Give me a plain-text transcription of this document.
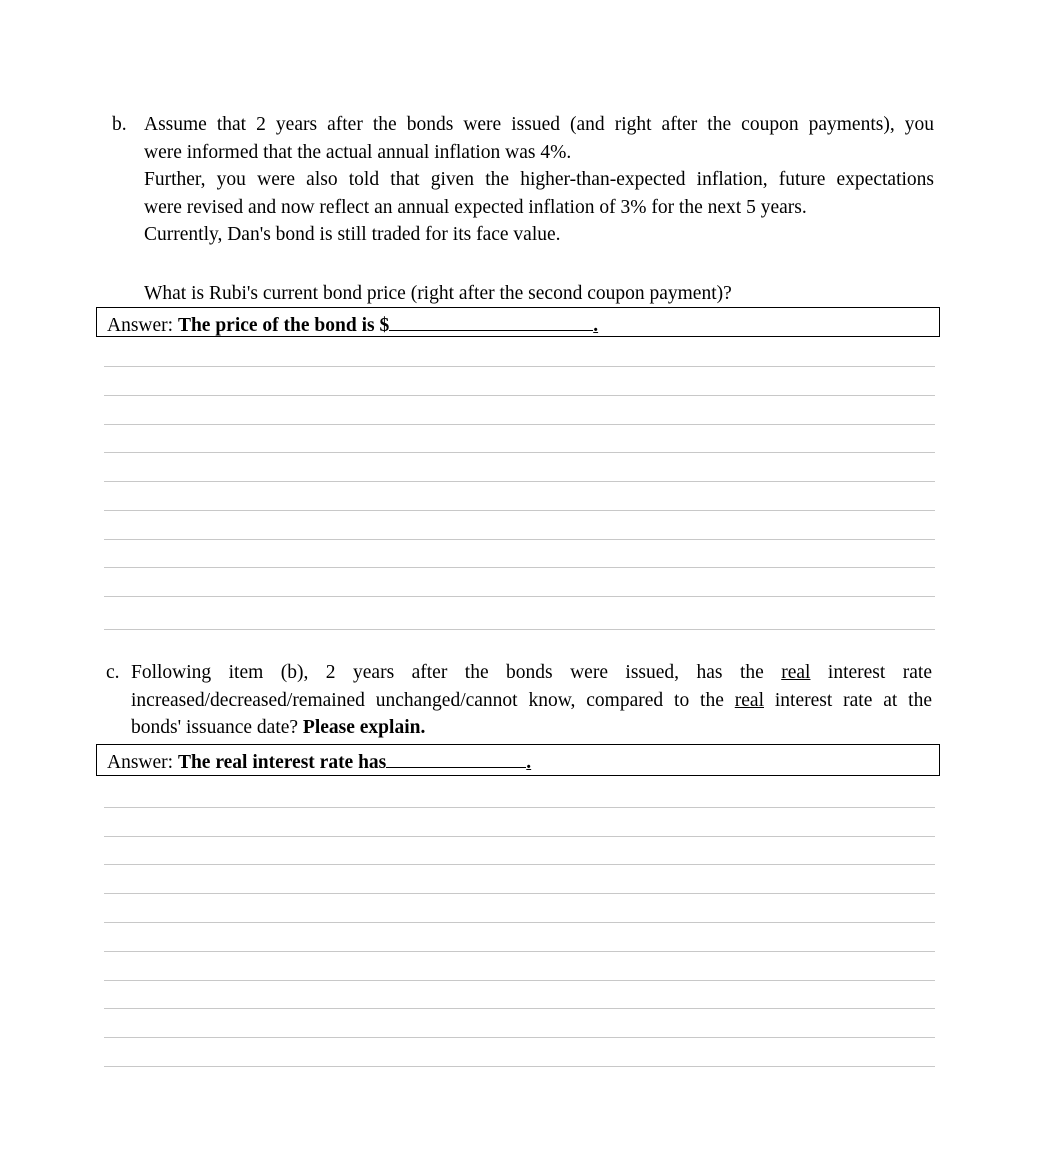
b. Assume that 2 years after the bonds were issued (and right after the coupon payments), you

were informed that the actual annual inflation was 4%.

Further, you were also told that given the higher-than-expected inflation, future expectations

were revised and now reflect an annual expected inflation of 3% for the next 5 years.

Currently, Dan's bond is still traded for its face value.

What is Rubi's current bond price (right after the second coupon payment)?
Answer: The price of the bond is $	.
c. Following item (b), 2 years after the bonds were issued, has the real interest rate

increased/decreased/remained unchanged/cannot know, compared to the real interest rate at the

bonds' issuance date? Please explain.

Answer: The real interest rate has	.
